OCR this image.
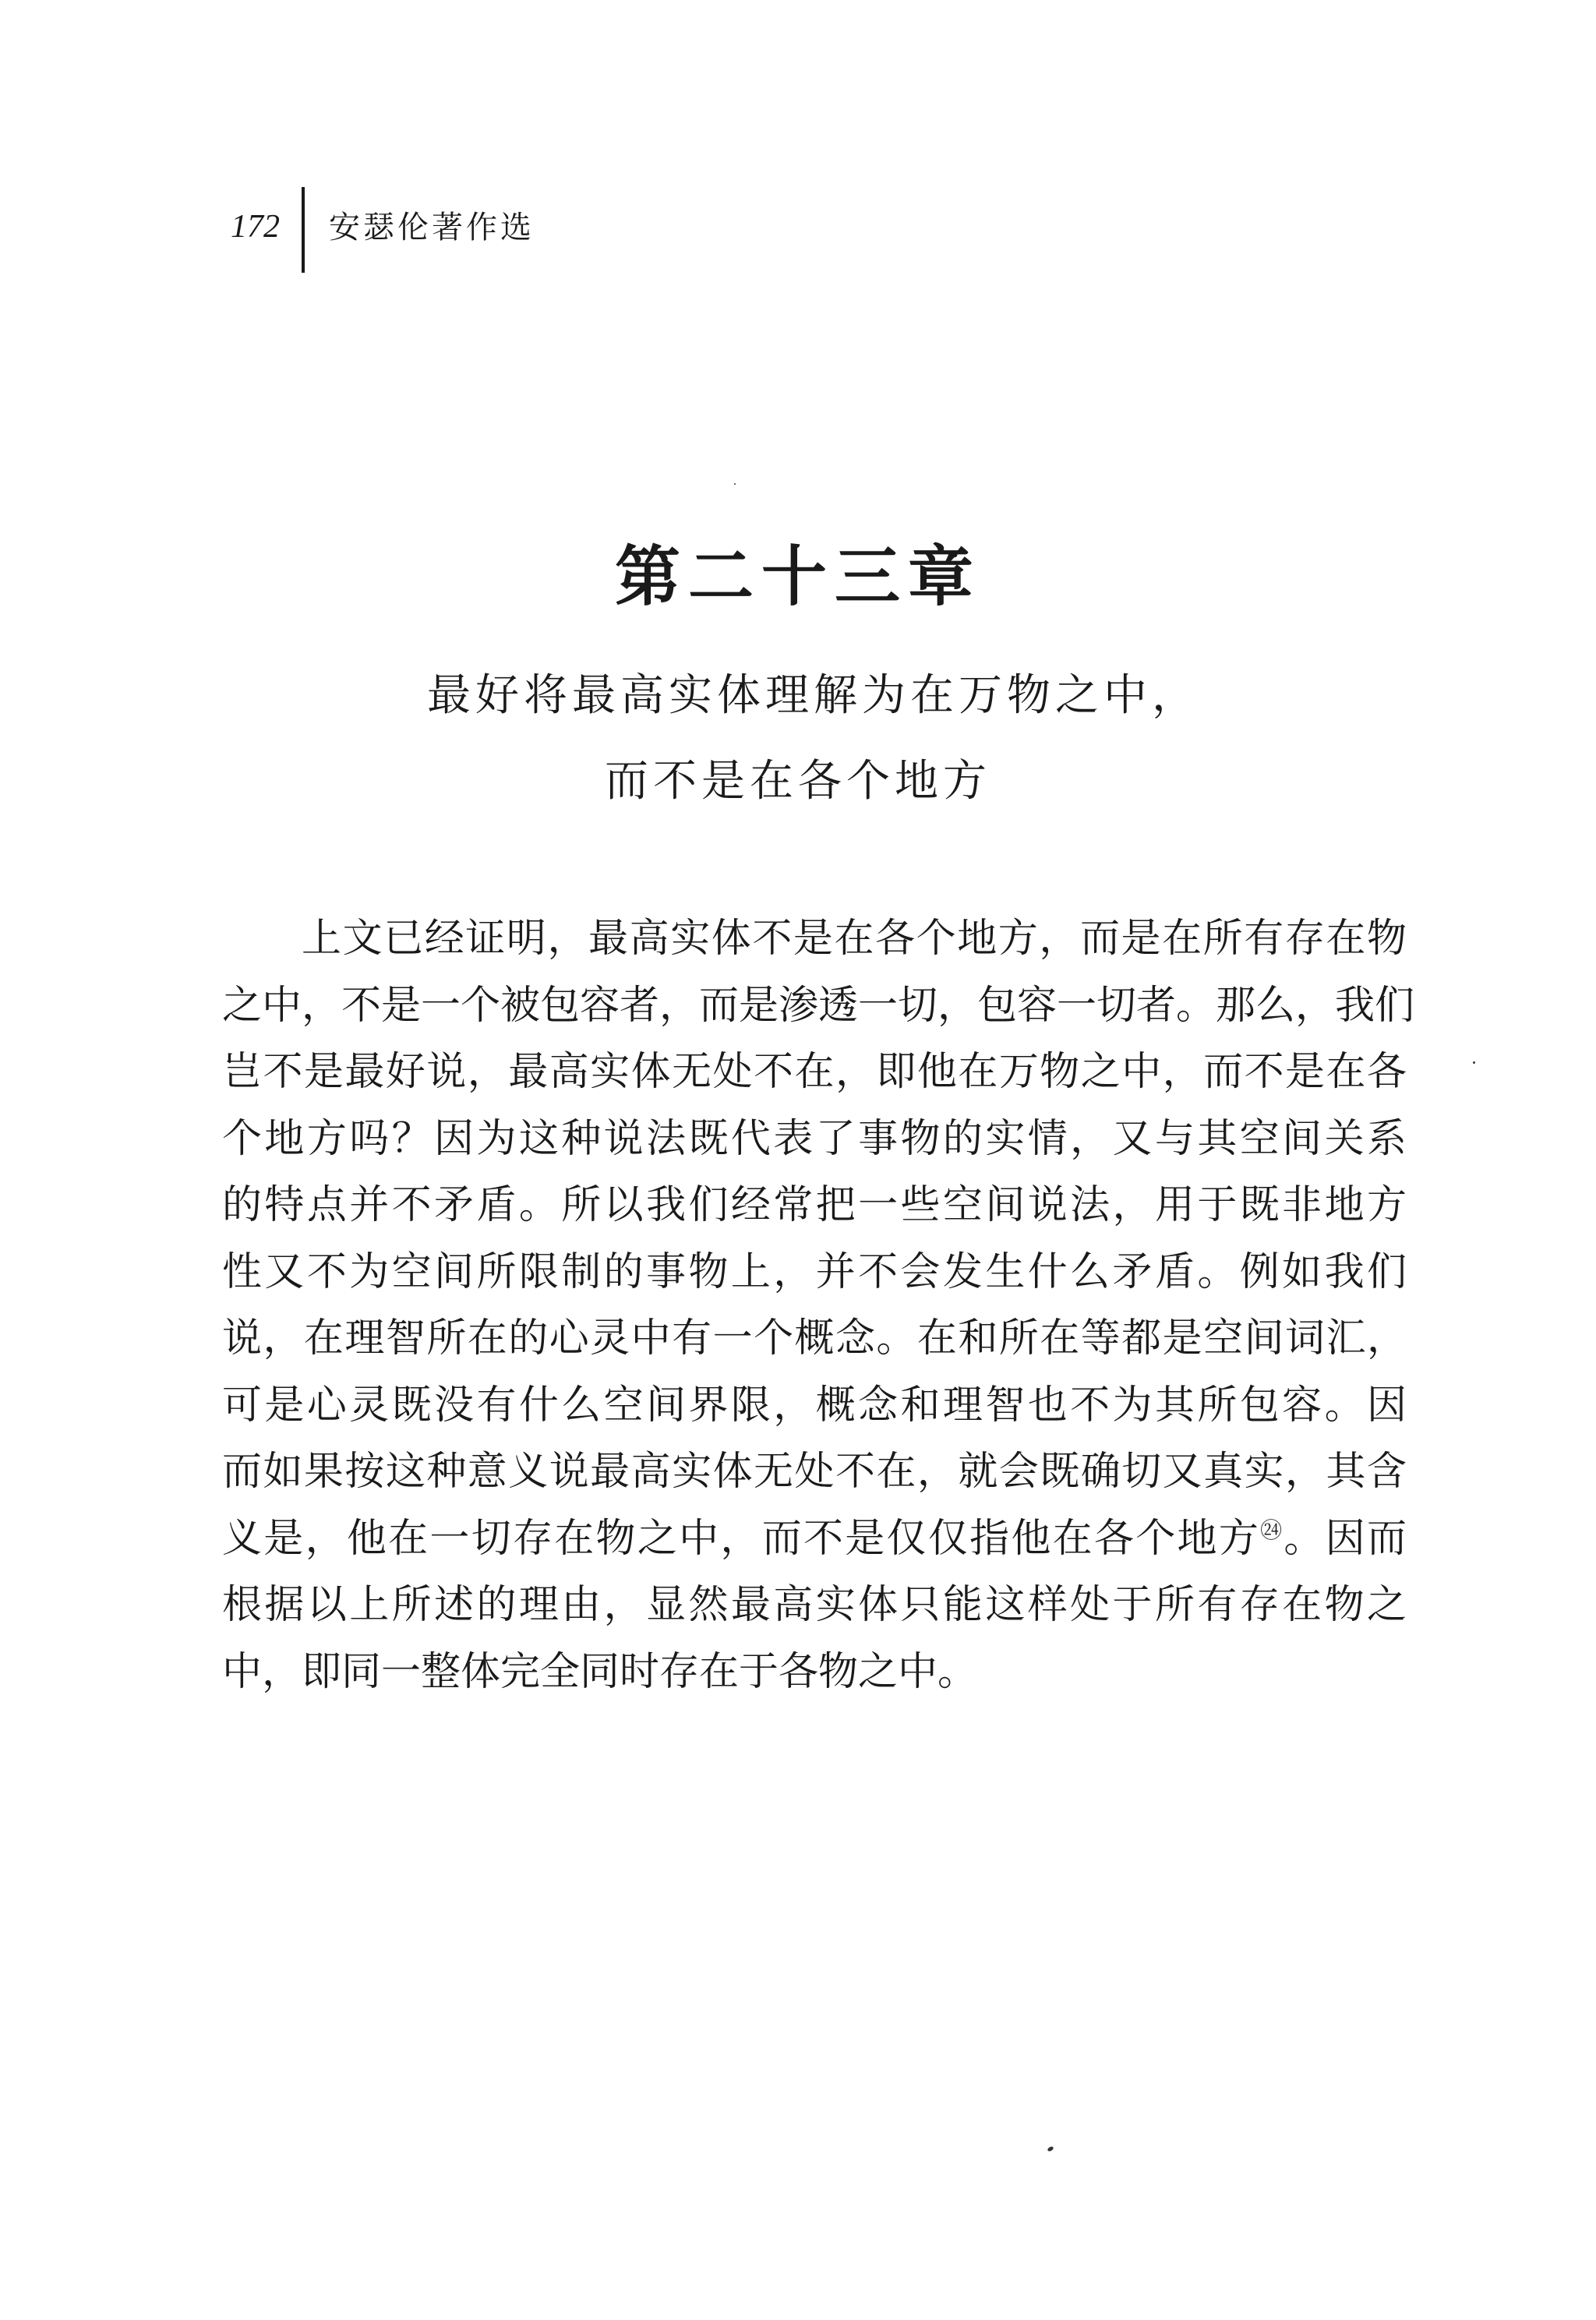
172 安瑟伦著作选
第二十三章
最好将最高实体理解为在万物之中，
而不是在各个地方
上文已经证明，最高实体不是在各个地方，而是在所有存在物
之中，不是一个被包容者，而是渗透一切，包容一切者。那么，我们
岂不是最好说，最高实体无处不在，即他在万物之中，而不是在各
个地方吗？因为这种说法既代表了事物的实情，又与其空间关系
的特点并不矛盾。所以我们经常把一些空间说法，用于既非地方
性又不为空间所限制的事物上，并不会发生什么矛盾。例如我们
说，在理智所在的心灵中有一个概念。在和所在等都是空间词汇，
可是心灵既没有什么空间界限，概念和理智也不为其所包容。因
而如果按这种意义说最高实体无处不在，就会既确切又真实，其含
义是，他在一切存在物之中，而不是仅仅指他在各个地方$^㉔$。因而
根据以上所述的理由，显然最高实体只能这样处于所有存在物之
中，即同一整体完全同时存在于各物之中。
